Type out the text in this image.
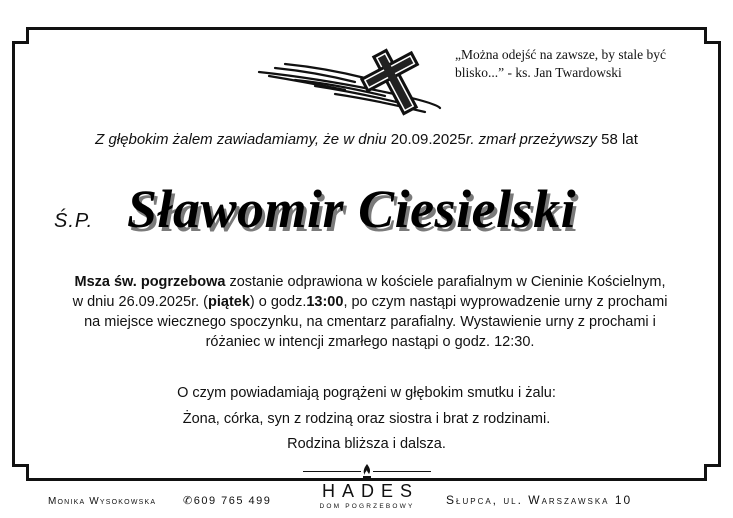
„Można odejść na zawsze, by stale być
blisko...” - ks. Jan Twardowski
Z głębokim żalem zawiadamiamy, że w dniu 20.09.2025r. zmarł przeżywszy 58 lat
Ś.P. Sławomir Ciesielski
Msza św. pogrzebowa zostanie odprawiona w kościele parafialnym w Cieninie Kościelnym, w dniu 26.09.2025r. (piątek) o godz.13:00, po czym nastąpi wyprowadzenie urny z prochami na miejsce wiecznego spoczynku, na cmentarz parafialny. Wystawienie urny z prochami i różaniec w intencji zmarłego nastąpi o godz. 12:30.
O czym powiadamiają pogrążeni w głębokim smutku i żalu:
Żona, córka, syn z rodziną oraz siostra i brat z rodzinami.
Rodzina bliższa i dalsza.
Monika Wysokowska ✆609 765 499	HADES
DOM POGRZEBOWY	Słupca, ul. Warszawska 10
